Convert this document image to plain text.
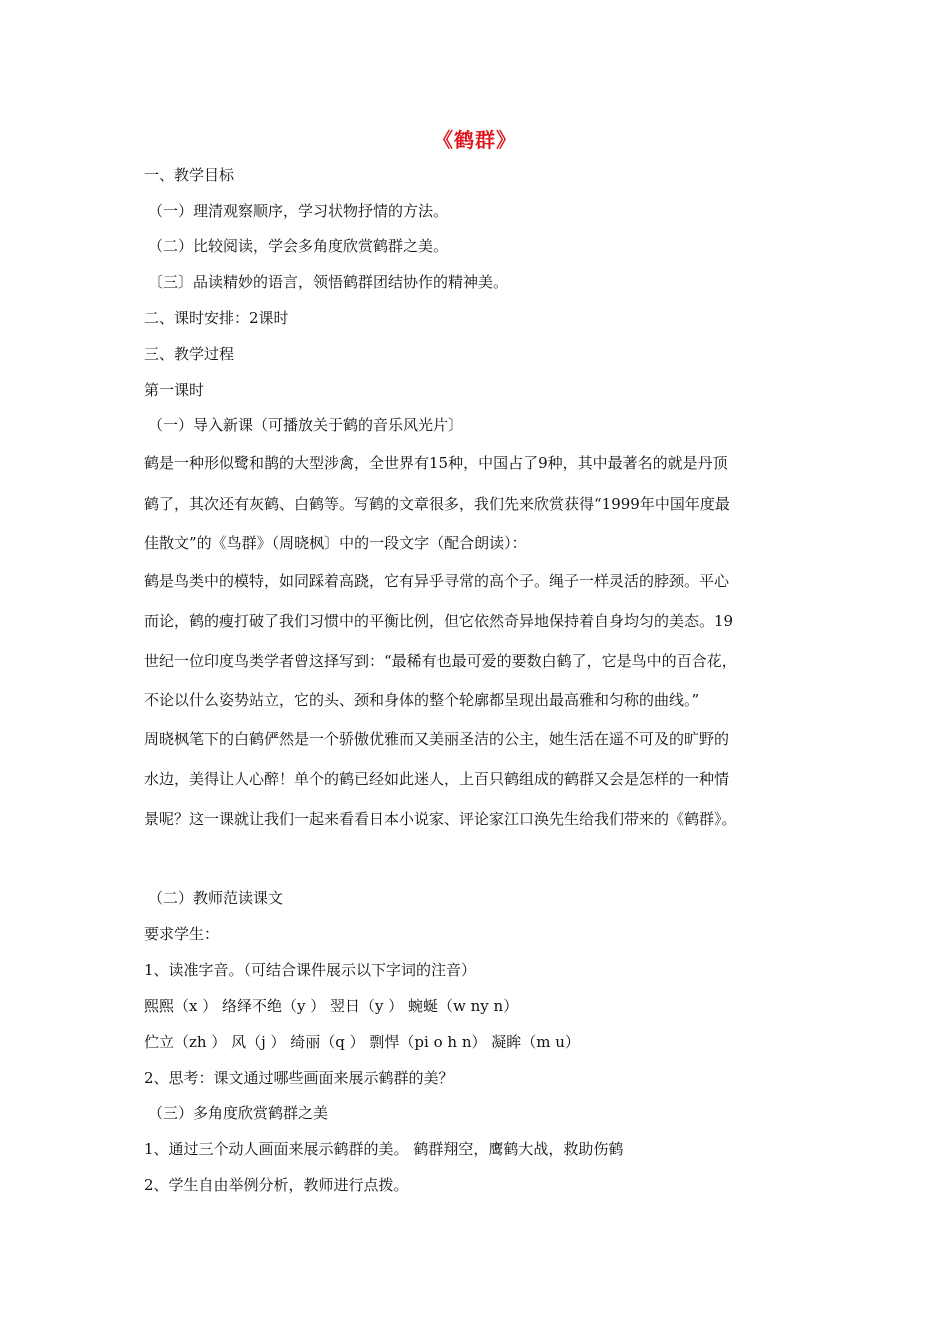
《鹤群》
一、教学目标
（一）理清观察顺序，学习状物抒情的方法。
（二）比较阅读，学会多角度欣赏鹤群之美。
〔三〕品读精妙的语言，领悟鹤群团结协作的精神美。
二、课时安排：2课时
三、教学过程
第一课时
（一）导入新课（可播放关于鹤的音乐风光片〕
鹤是一种形似鹭和鹊的大型涉禽，全世界有15种，中国占了9种，其中最著名的就是丹顶
鹤了，其次还有灰鹤、白鹤等。写鹤的文章很多，我们先来欣赏获得“1999年中国年度最
佳散文”的《鸟群》（周晓枫〕中的一段文字（配合朗读）：
鹤是鸟类中的模特，如同踩着高跷，它有异乎寻常的高个子。绳子一样灵活的脖颈。平心
而论，鹤的瘦打破了我们习惯中的平衡比例，但它依然奇异地保持着自身均匀的美态。19
世纪一位印度鸟类学者曾这择写到：“最稀有也最可爱的要数白鹤了，它是鸟中的百合花，
不论以什么姿势站立，它的头、颈和身体的整个轮廓都呈现出最高雅和匀称的曲线。”
周晓枫笔下的白鹤俨然是一个骄傲优雅而又美丽圣洁的公主，她生活在遥不可及的旷野的
水边，美得让人心醉！单个的鹤已经如此迷人，上百只鹤组成的鹤群又会是怎样的一种情
景呢？这一课就让我们一起来看看日本小说家、评论家江口涣先生给我们带来的《鹤群》。
（二）教师范读课文
要求学生：
1、读准字音。（可结合课件展示以下字词的注音）
熙熙（x ） 络绎不绝（y ） 翌日（y ） 蜿蜒（w ny n）
伫立（zh ） 风（j ） 绮丽（q ） 剽悍（pi o h n） 凝眸（m u）
2、思考：课文通过哪些画面来展示鹤群的美？
（三）多角度欣赏鹤群之美
1、通过三个动人画面来展示鹤群的美。 鹤群翔空，鹰鹤大战，救助伤鹤
2、学生自由举例分析，教师进行点拨。
